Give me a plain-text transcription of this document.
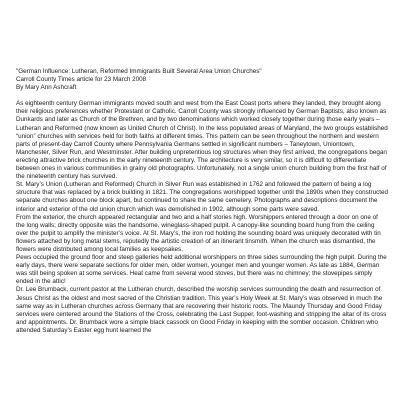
"German Influence: Lutheran, Reformed Immigrants Built Several Area Union Churches"
Carroll County Times article for 23 March 2008
By Mary Ann Ashcraft

As eighteenth century German immigrants moved south and west from the East Coast ports where they landed, they brought along their religious preferences whether Protestant or Catholic. Carroll County was strongly influenced by German Baptists, also known as Dunkards and later as Church of the Brethren, and by two denominations which worked closely together during those early years – Lutheran and Reformed (now known as United Church of Christ). In the less populated areas of Maryland, the two groups established “union” churches with services held for both faiths at different times. This pattern can be seen throughout the northern and western parts of present-day Carroll County where Pennsylvania Germans settled in significant numbers – Taneytown, Uniontown, Manchester, Silver Run, and Westminster. After building unpretentious log structures when they first arrived, the congregations began erecting attractive brick churches in the early nineteenth century. The architecture is very similar, so it is difficult to differentiate between ones in various communities in grainy old photographs. Unfortunately, not a single union church building from the first half of the nineteenth century has survived.

St. Mary’s Union (Lutheran and Reformed) Church in Silver Run was established in 1762 and followed the pattern of being a log structure that was replaced by a brick building in 1821. The congregations worshipped together until the 1890s when they constructed separate churches about one block apart, but continued to share the same cemetery. Photographs and descriptions document the interior and exterior of the old union church which was demolished in 1902, although some parts were saved.

From the exterior, the church appeared rectangular and two and a half stories high. Worshippers entered through a door on one of the long walls; directly opposite was the handsome, wineglass-shaped pulpit. A canopy-like sounding board hung from the ceiling over the pulpit to amplify the minister’s voice. At St. Mary’s, the iron rod holding the sounding board was uniquely decorated with tin flowers attached by long metal stems, reputedly the artistic creation of an itinerant tinsmith. When the church was dismantled, the flowers were distributed among local families as keepsakes.

Pews occupied the ground floor and steep galleries held additional worshippers on three sides surrounding the high pulpit. During the early days, there were separate sections for older men, older women, younger men and younger women. As late as 1884, German was still being spoken at some services. Heat came from several wood stoves, but there was no chimney; the stovepipes simply ended in the attic!

Dr. Lee Brumback, current pastor at the Lutheran church, described the worship services surrounding the death and resurrection of Jesus Christ as the oldest and most sacred of the Christian tradition. This year’s Holy Week at St. Mary’s was observed in much the same way as in Lutheran churches across Germany that are recovering their historic roots. The Maundy Thursday and Good Friday services were centered around the Stations of the Cross, celebrating the Last Supper, foot-washing and stripping the altar of its cross and appointments. Dr. Brumback wore a simple black cassock on Good Friday in keeping with the somber occasion. Children who attended Saturday’s Easter egg hunt learned the
